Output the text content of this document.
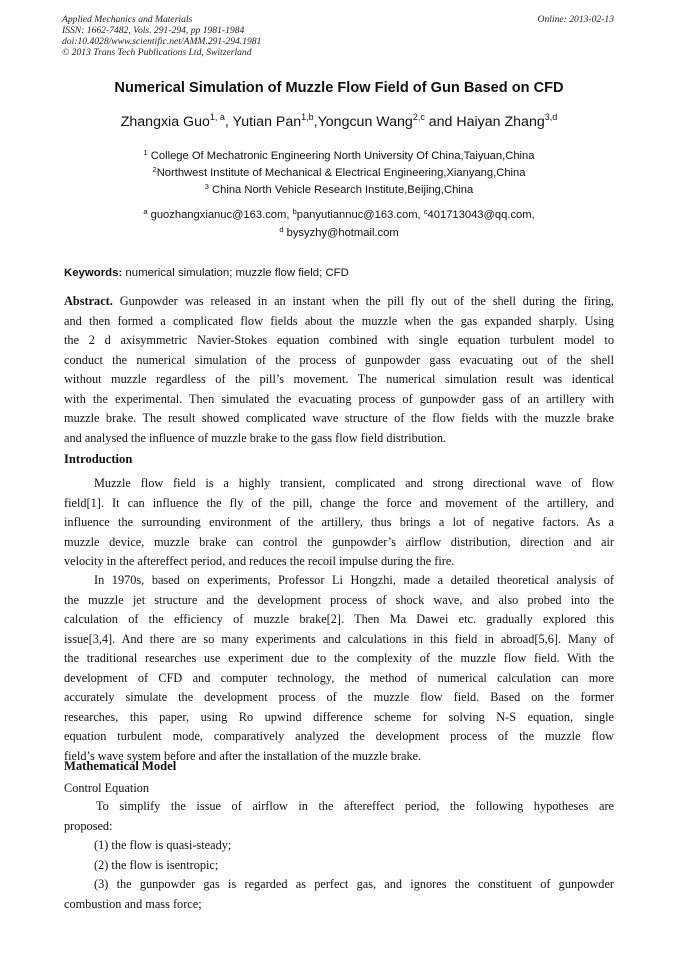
Applied Mechanics and Materials
ISSN: 1662-7482, Vols. 291-294, pp 1981-1984
doi:10.4028/www.scientific.net/AMM.291-294.1981
© 2013 Trans Tech Publications Ltd, Switzerland
Online: 2013-02-13
Numerical Simulation of Muzzle Flow Field of Gun Based on CFD
Zhangxia Guo$^{1, a}$, Yutian Pan$^{1,b}$,Yongcun Wang$^{2,c}$ and Haiyan Zhang$^{3,d}$
$^1$ College Of Mechatronic Engineering North University Of China,Taiyuan,China
$^2$Northwest Institute of Mechanical & Electrical Engineering,Xianyang,China
$^3$ China North Vehicle Research Institute,Beijing,China
$^a$ guozhangxianuc@163.com, $^b$panyutiannuc@163.com, $^c$401713043@qq.com,
$^d$ bysyzhy@hotmail.com
Keywords: numerical simulation; muzzle flow field; CFD
Abstract. Gunpowder was released in an instant when the pill fly out of the shell during the firing,
and then formed a complicated flow fields about the muzzle when the gas expanded sharply. Using
the 2 d axisymmetric Navier-Stokes equation combined with single equation turbulent model to
conduct the numerical simulation of the process of gunpowder gass evacuating out of the shell
without muzzle regardless of the pill’s movement. The numerical simulation result was identical
with the experimental. Then simulated the evacuating process of gunpowder gass of an artillery with
muzzle brake. The result showed complicated wave structure of the flow fields with the muzzle brake
and analysed the influence of muzzle brake to the gass flow field distribution.
Introduction
Muzzle flow field is a highly transient, complicated and strong directional wave of flow
field[1]. It can influence the fly of the pill, change the force and movement of the artillery, and
influence the surrounding environment of the artillery, thus brings a lot of negative factors. As a
muzzle device, muzzle brake can control the gunpowder’s airflow distribution, direction and air
velocity in the aftereffect period, and reduces the recoil impulse during the fire.
In 1970s, based on experiments, Professor Li Hongzhi, made a detailed theoretical analysis of
the muzzle jet structure and the development process of shock wave, and also probed into the
calculation of the efficiency of muzzle brake[2]. Then Ma Dawei etc. gradually explored this
issue[3,4]. And there are so many experiments and calculations in this field in abroad[5,6]. Many of
the traditional researches use experiment due to the complexity of the muzzle flow field. With the
development of CFD and computer technology, the method of numerical calculation can more
accurately simulate the development process of the muzzle flow field. Based on the former
researches, this paper, using Ro upwind difference scheme for solving N-S equation, single
equation turbulent mode, comparatively analyzed the development process of the muzzle flow
field’s wave system before and after the installation of the muzzle brake.
Mathematical Model
Control Equation
To simplify the issue of airflow in the aftereffect period, the following hypotheses are
proposed:
(1) the flow is quasi-steady;
(2) the flow is isentropic;
(3) the gunpowder gas is regarded as perfect gas, and ignores the constituent of gunpowder
combustion and mass force;
